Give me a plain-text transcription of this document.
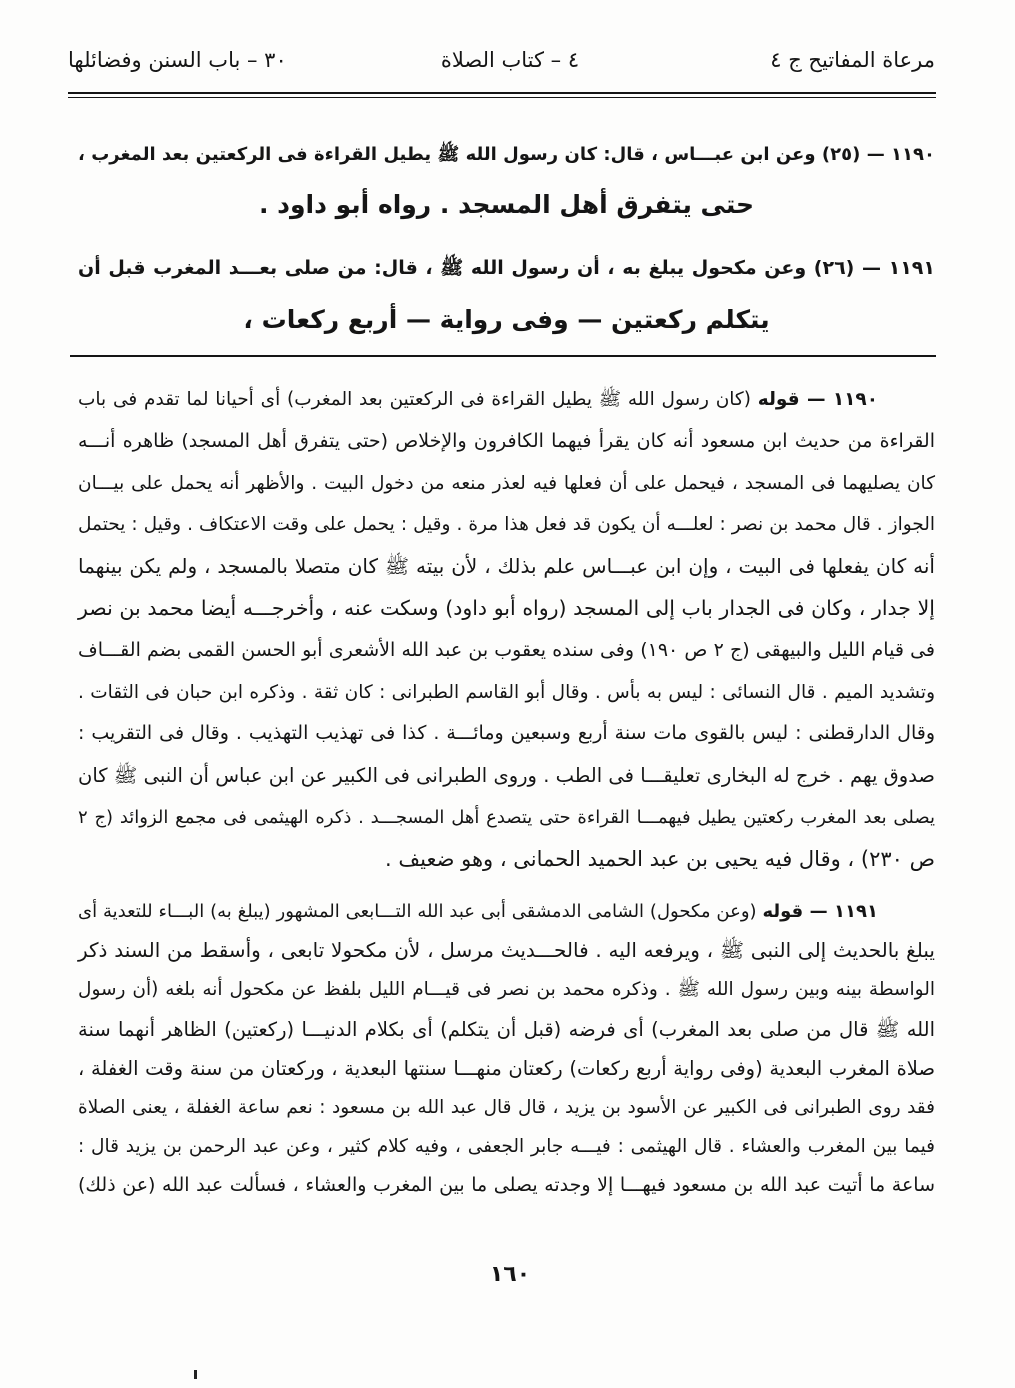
مرعاة المفاتيح ج ٤
٤ – كتاب الصلاة
٣٠ – باب السنن وفضائلها
١١٩٠ — (٢٥) وعن ابن عبـــاس ، قال: كان رسول الله ﷺ يطيل القراءة فى الركعتين بعد المغرب ،
حتى يتفرق أهل المسجد . رواه أبو داود .
١١٩١ — (٢٦) وعن مكحول يبلغ به ، أن رسول الله ﷺ ، قال: من صلى بعـــد المغرب قبل أن
يتكلم ركعتين — وفى رواية — أربع ركعات ،
١١٩٠ — قوله (كان رسول الله ﷺ يطيل القراءة فى الركعتين بعد المغرب) أى أحيانا لما تقدم فى باب
القراءة من حديث ابن مسعود أنه كان يقرأ فيهما الكافرون والإخلاص (حتى يتفرق أهل المسجد) ظاهره أنـــه
كان يصليهما فى المسجد ، فيحمل على أن فعلها فيه لعذر منعه من دخول البيت . والأظهر أنه يحمل على بيـــان
الجواز . قال محمد بن نصر : لعلـــه أن يكون قد فعل هذا مرة . وقيل : يحمل على وقت الاعتكاف . وقيل : يحتمل
أنه كان يفعلها فى البيت ، وإن ابن عبـــاس علم بذلك ، لأن بيته ﷺ كان متصلا بالمسجد ، ولم يكن بينهما
إلا جدار ، وكان فى الجدار باب إلى المسجد (رواه أبو داود) وسكت عنه ، وأخرجـــه أيضا محمد بن نصر
فى قيام الليل والبيهقى (ج ٢ ص ١٩٠) وفى سنده يعقوب بن عبد الله الأشعرى أبو الحسن القمى بضم القـــاف
وتشديد الميم . قال النسائى : ليس به بأس . وقال أبو القاسم الطبرانى : كان ثقة . وذكره ابن حبان فى الثقات .
وقال الدارقطنى : ليس بالقوى مات سنة أربع وسبعين ومائـــة . كذا فى تهذيب التهذيب . وقال فى التقريب :
صدوق يهم . خرج له البخارى تعليقـــا فى الطب . وروى الطبرانى فى الكبير عن ابن عباس أن النبى ﷺ كان
يصلى بعد المغرب ركعتين يطيل فيهمـــا القراءة حتى يتصدع أهل المسجـــد . ذكره الهيثمى فى مجمع الزوائد (ج ٢
ص ٢٣٠) ، وقال فيه يحيى بن عبد الحميد الحمانى ، وهو ضعيف .
١١٩١ — قوله (وعن مكحول) الشامى الدمشقى أبى عبد الله التـــابعى المشهور (يبلغ به) البـــاء للتعدية أى
يبلغ بالحديث إلى النبى ﷺ ، ويرفعه اليه . فالحـــديث مرسل ، لأن مكحولا تابعى ، وأسقط من السند ذكر
الواسطة بينه وبين رسول الله ﷺ . وذكره محمد بن نصر فى قيـــام الليل بلفظ عن مكحول أنه بلغه (أن رسول
الله ﷺ قال من صلى بعد المغرب) أى فرضه (قبل أن يتكلم) أى بكلام الدنيـــا (ركعتين) الظاهر أنهما سنة
صلاة المغرب البعدية (وفى رواية أربع ركعات) ركعتان منهـــا سنتها البعدية ، وركعتان من سنة وقت الغفلة ،
فقد روى الطبرانى فى الكبير عن الأسود بن يزيد ، قال قال عبد الله بن مسعود : نعم ساعة الغفلة ، يعنى الصلاة
فيما بين المغرب والعشاء . قال الهيثمى : فيـــه جابر الجعفى ، وفيه كلام كثير ، وعن عبد الرحمن بن يزيد قال :
ساعة ما أتيت عبد الله بن مسعود فيهـــا إلا وجدته يصلى ما بين المغرب والعشاء ، فسألت عبد الله (عن ذلك)
١٦٠
